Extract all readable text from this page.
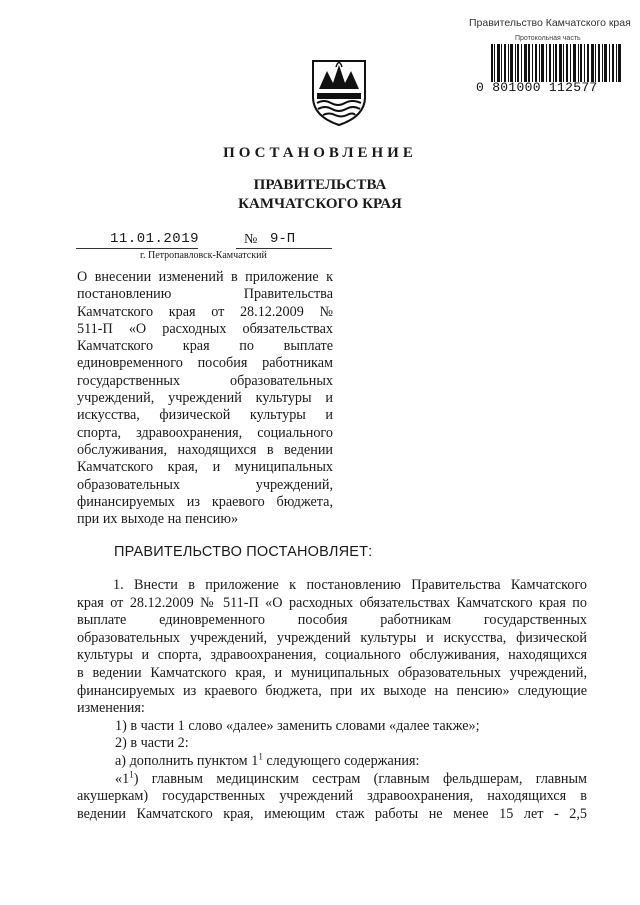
Правительство Камчатского края
Протокольная часть
0 801000 112577
ПОСТАНОВЛЕНИЕ
ПРАВИТЕЛЬСТВА
КАМЧАТСКОГО КРАЯ
11.01.2019	№ 9-П
г. Петропавловск-Камчатский
О внесении изменений в приложение к
постановлению Правительства
Камчатского края от 28.12.2009 №
511-П «О расходных обязательствах
Камчатского края по выплате
единовременного пособия работникам
государственных образовательных
учреждений, учреждений культуры и
искусства, физической культуры и
спорта, здравоохранения, социального
обслуживания, находящихся в ведении
Камчатского края, и муниципальных
образовательных учреждений,
финансируемых из краевого бюджета,
при их выходе на пенсию»
ПРАВИТЕЛЬСТВО ПОСТАНОВЛЯЕТ:
1. Внести в приложение к постановлению Правительства Камчатского
края от 28.12.2009 № 511-П «О расходных обязательствах Камчатского края по
выплате единовременного пособия работникам государственных
образовательных учреждений, учреждений культуры и искусства, физической
культуры и спорта, здравоохранения, социального обслуживания, находящихся
в ведении Камчатского края, и муниципальных образовательных учреждений,
финансируемых из краевого бюджета, при их выходе на пенсию» следующие
изменения:
1) в части 1 слово «далее» заменить словами «далее также»;
2) в части 2:
а) дополнить пунктом $1^1$ следующего содержания:
«$1^1$) главным медицинским сестрам (главным фельдшерам, главным
акушеркам) государственных учреждений здравоохранения, находящихся в
ведении Камчатского края, имеющим стаж работы не менее 15 лет - 2,5
